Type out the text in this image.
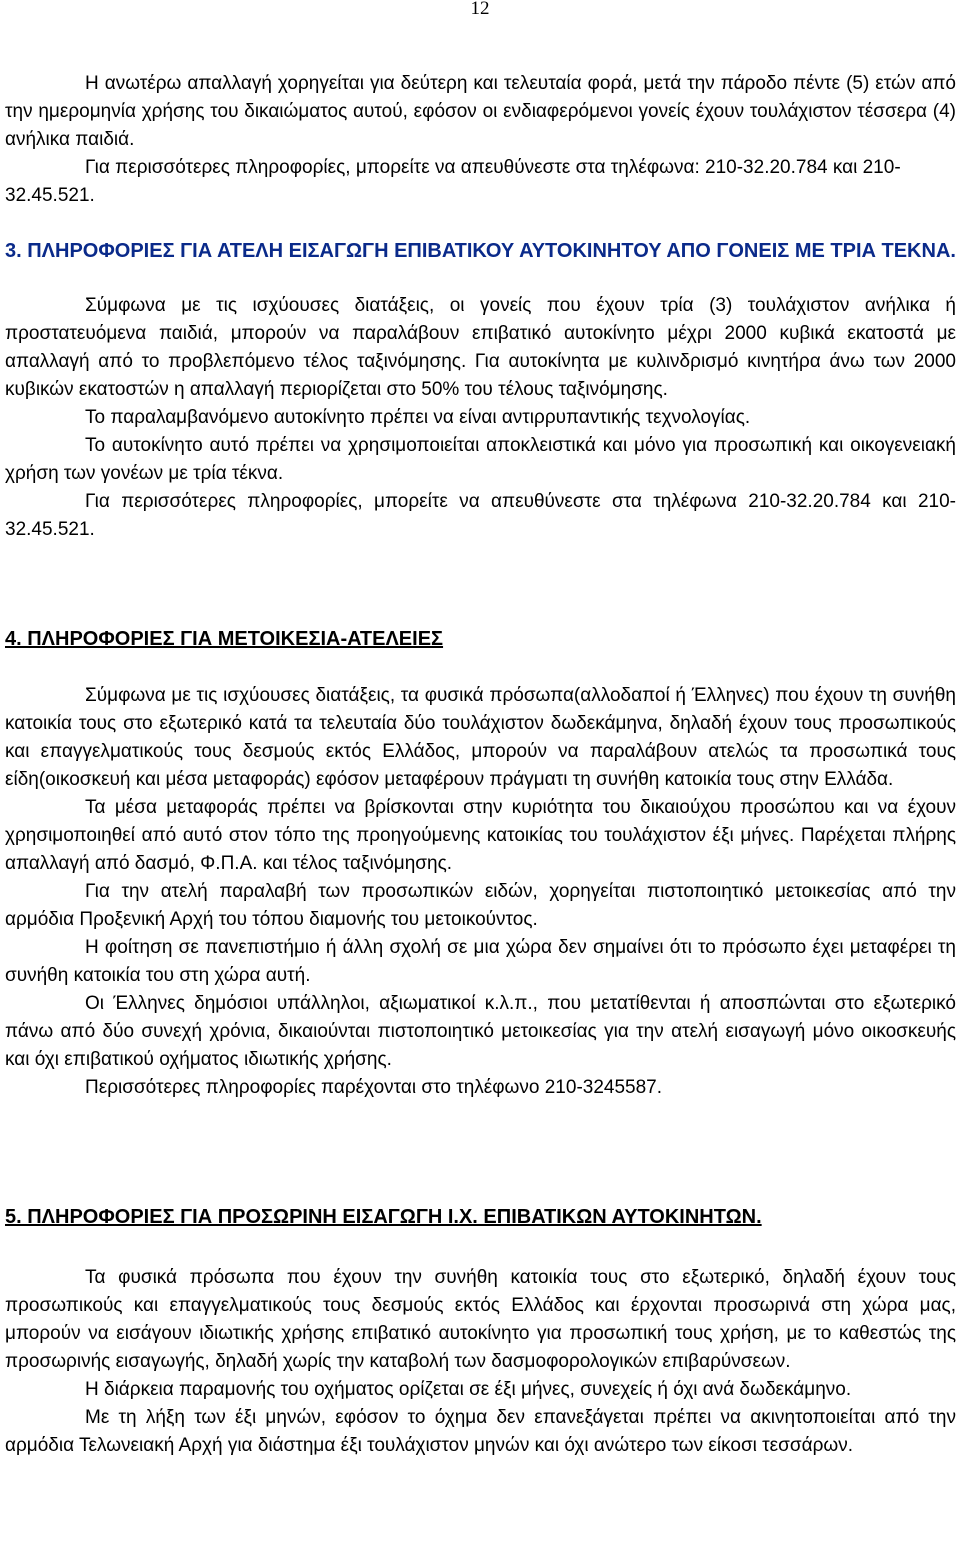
12

Η ανωτέρω απαλλαγή χορηγείται για δεύτερη και τελευταία φορά, μετά την πάροδο πέντε (5) ετών από την ημερομηνία χρήσης του δικαιώματος αυτού, εφόσον οι ενδιαφερόμενοι γονείς έχουν τουλάχιστον τέσσερα (4) ανήλικα παιδιά.

Για περισσότερες πληροφορίες, μπορείτε να απευθύνεστε στα τηλέφωνα: 210-32.20.784 και 210-32.45.521.

3. ΠΛΗΡΟΦΟΡΙΕΣ ΓΙΑ ΑΤΕΛΗ ΕΙΣΑΓΩΓΗ ΕΠΙΒΑΤΙΚΟΥ ΑΥΤΟΚΙΝΗΤΟΥ ΑΠΟ ΓΟΝΕΙΣ ΜΕ ΤΡΙΑ ΤΕΚΝΑ.

Σύμφωνα με τις ισχύουσες διατάξεις, οι γονείς που έχουν τρία (3) τουλάχιστον ανήλικα ή προστατευόμενα παιδιά, μπορούν να παραλάβουν επιβατικό αυτοκίνητο μέχρι 2000 κυβικά εκατοστά με απαλλαγή από το προβλεπόμενο τέλος ταξινόμησης. Για αυτοκίνητα με κυλινδρισμό κινητήρα άνω των 2000 κυβικών εκατοστών η απαλλαγή περιορίζεται στο 50% του τέλους ταξινόμησης.

Το παραλαμβανόμενο αυτοκίνητο πρέπει να είναι αντιρρυπαντικής τεχνολογίας.

Το αυτοκίνητο αυτό πρέπει να χρησιμοποιείται αποκλειστικά και μόνο για προσωπική και οικογενειακή χρήση των γονέων με τρία τέκνα.

Για περισσότερες πληροφορίες, μπορείτε να απευθύνεστε στα τηλέφωνα 210-32.20.784 και 210-32.45.521.

4. ΠΛΗΡΟΦΟΡΙΕΣ ΓΙΑ ΜΕΤΟΙΚΕΣΙΑ-ΑΤΕΛΕΙΕΣ

Σύμφωνα με τις ισχύουσες διατάξεις, τα φυσικά πρόσωπα(αλλοδαποί ή Έλληνες) που έχουν τη συνήθη κατοικία τους στο εξωτερικό κατά τα τελευταία δύο τουλάχιστον δωδεκάμηνα, δηλαδή έχουν τους προσωπικούς και επαγγελματικούς τους δεσμούς εκτός Ελλάδος, μπορούν να παραλάβουν ατελώς τα προσωπικά τους είδη(οικοσκευή και μέσα μεταφοράς) εφόσον μεταφέρουν πράγματι τη συνήθη κατοικία τους στην Ελλάδα.

Τα μέσα μεταφοράς πρέπει να βρίσκονται στην κυριότητα του δικαιούχου προσώπου και να έχουν χρησιμοποιηθεί από αυτό στον τόπο της προηγούμενης κατοικίας του τουλάχιστον έξι μήνες. Παρέχεται πλήρης απαλλαγή από δασμό, Φ.Π.Α. και τέλος ταξινόμησης.

Για την ατελή παραλαβή των προσωπικών ειδών, χορηγείται πιστοποιητικό μετοικεσίας από την αρμόδια Προξενική Αρχή του τόπου διαμονής του μετοικούντος.

Η φοίτηση σε πανεπιστήμιο ή άλλη σχολή σε μια χώρα δεν σημαίνει ότι το πρόσωπο έχει μεταφέρει τη συνήθη κατοικία του στη χώρα αυτή.

Οι Έλληνες δημόσιοι υπάλληλοι, αξιωματικοί κ.λ.π., που μετατίθενται ή αποσπώνται στο εξωτερικό πάνω από δύο συνεχή χρόνια, δικαιούνται πιστοποιητικό μετοικεσίας για την ατελή εισαγωγή μόνο οικοσκευής και όχι επιβατικού οχήματος ιδιωτικής χρήσης.

Περισσότερες πληροφορίες παρέχονται στο τηλέφωνο 210-3245587.

5. ΠΛΗΡΟΦΟΡΙΕΣ ΓΙΑ ΠΡΟΣΩΡΙΝΗ ΕΙΣΑΓΩΓΗ Ι.Χ. ΕΠΙΒΑΤΙΚΩΝ ΑΥΤΟΚΙΝΗΤΩΝ.

Τα φυσικά πρόσωπα που έχουν την συνήθη κατοικία τους στο εξωτερικό, δηλαδή έχουν τους προσωπικούς και επαγγελματικούς τους δεσμούς εκτός Ελλάδος και έρχονται προσωρινά στη χώρα μας, μπορούν να εισάγουν ιδιωτικής χρήσης επιβατικό αυτοκίνητο για προσωπική τους χρήση, με το καθεστώς της προσωρινής εισαγωγής, δηλαδή χωρίς την καταβολή των δασμοφορολογικών επιβαρύνσεων.

Η διάρκεια παραμονής του οχήματος ορίζεται σε έξι μήνες, συνεχείς ή όχι ανά δωδεκάμηνο.

Με τη λήξη των έξι μηνών, εφόσον το όχημα δεν επανεξάγεται πρέπει να ακινητοποιείται από την αρμόδια Τελωνειακή Αρχή για διάστημα έξι τουλάχιστον μηνών και όχι ανώτερο των είκοσι τεσσάρων.
